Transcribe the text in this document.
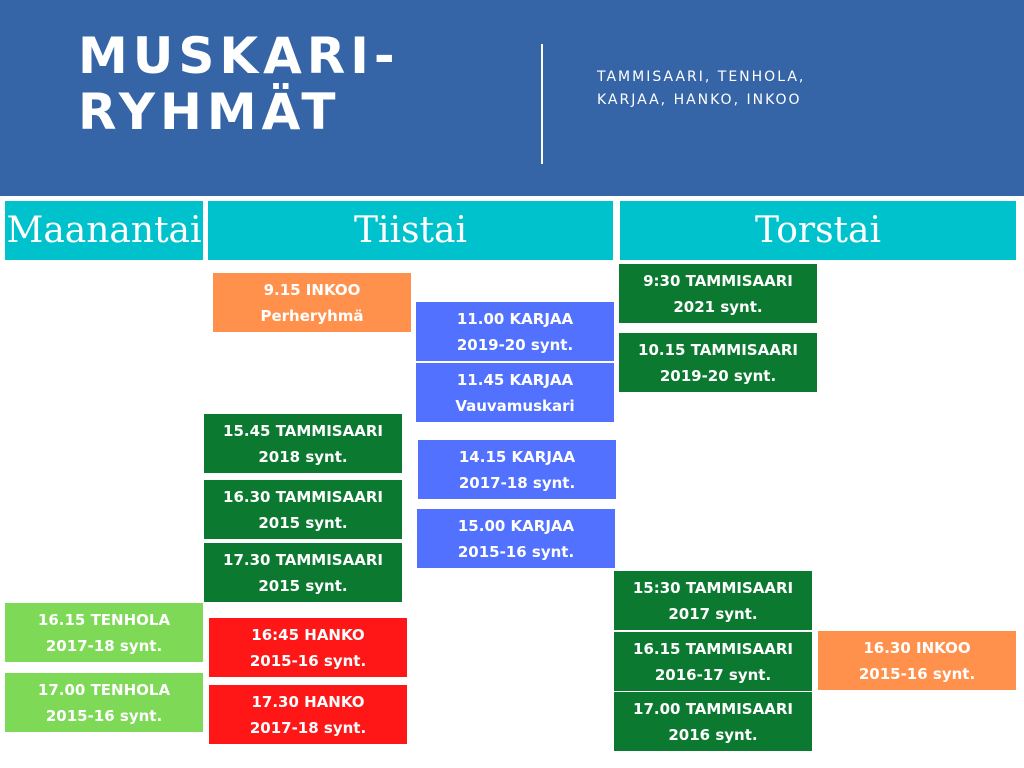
MUSKARI-
RYHMÄT
TAMMISAARI, TENHOLA,
KARJAA, HANKO, INKOO
Maanantai	Tiistai	Torstai
9.15 INKOO
Perheryhmä	11.00 KARJAA
2019-20 synt.
11.45 KARJAA
Vauvamuskari
15.45 TAMMISAARI
2018 synt.	14.15 KARJAA
2017-18 synt.
16.30 TAMMISAARI
2015 synt.	15.00 KARJAA
2015-16 synt.
17.30 TAMMISAARI
2015 synt.
16:45 HANKO
2015-16 synt.
17.30 HANKO
2017-18 synt.
16.15 TENHOLA
2017-18 synt.
17.00 TENHOLA
2015-16 synt.
9:30 TAMMISAARI
2021 synt.
10.15 TAMMISAARI
2019-20 synt.
15:30 TAMMISAARI
2017 synt.
16.15 TAMMISAARI
2016-17 synt.
17.00 TAMMISAARI
2016 synt.
16.30 INKOO
2015-16 synt.
